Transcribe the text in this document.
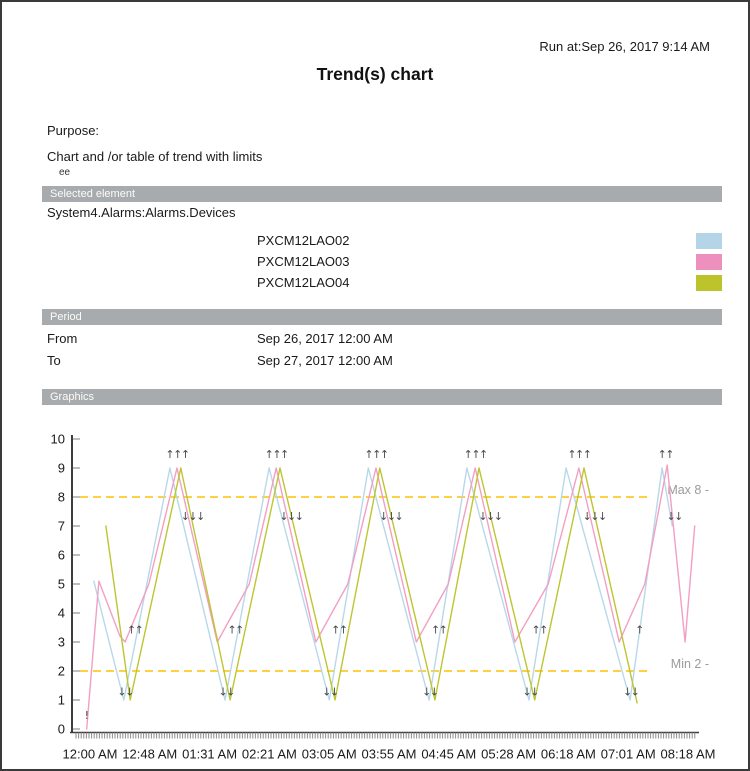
Run at:Sep 26, 2017 9:14 AM
Trend(s) chart
Purpose:
Chart and /or table of trend with limits
ee
Selected element
System4.Alarms:Alarms.Devices
PXCM12LAO02
PXCM12LAO03
PXCM12LAO04
Period
From	Sep 26, 2017 12:00 AM
To	Sep 27, 2017 12:00 AM
Graphics
0
1
2
3
4
5
6
7
8
9
10
Max 8 -
Min 2 -
12:00 AM 12:48 AM 01:31 AM 02:21 AM 03:05 AM 03:55 AM 04:45 AM 05:28 AM 06:18 AM 07:01 AM 08:18 AM
↑↑↑	↑↑↑	↑↑↑	↑↑↑	↑↑↑	↑↑
↓↓↓	↓↓↓	↓↓↓	↓↓↓	↓↓↓	↓↓
↓↓	↓↓	↓↓	↓↓	↓↓	↓↓
↑↑	↑↑	↑↑	↑↑	↑↑	↑
!
